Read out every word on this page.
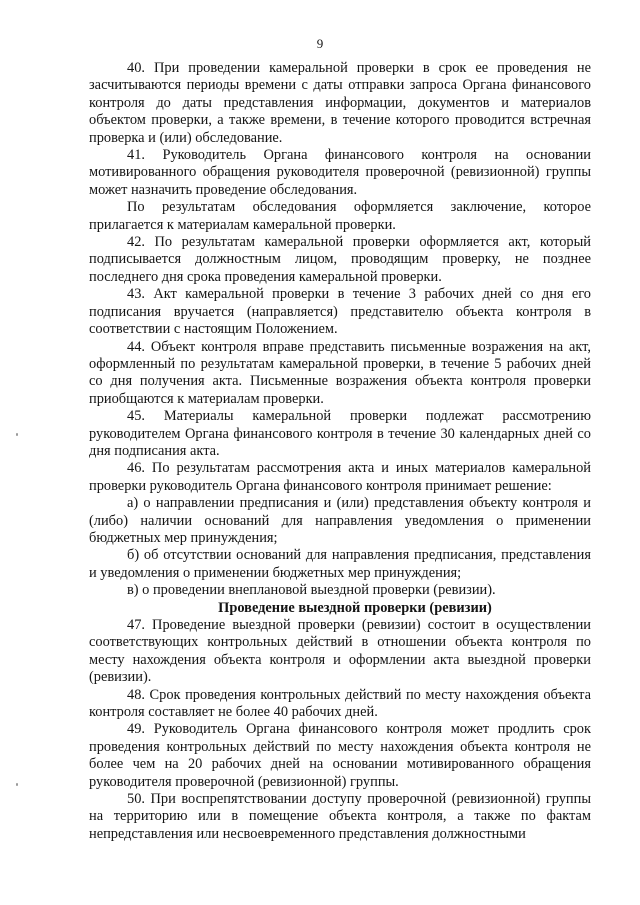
9

40. При проведении камеральной проверки в срок ее проведения не засчитываются периоды времени с даты отправки запроса Органа финансового контроля до даты представления информации, документов и материалов объектом проверки, а также времени, в течение которого проводится встречная проверка и (или) обследование.

41. Руководитель Органа финансового контроля на основании мотивированного обращения руководителя проверочной (ревизионной) группы может назначить проведение обследования.

По результатам обследования оформляется заключение, которое прилагается к материалам камеральной проверки.

42. По результатам камеральной проверки оформляется акт, который подписывается должностным лицом, проводящим проверку, не позднее последнего дня срока проведения камеральной проверки.

43. Акт камеральной проверки в течение 3 рабочих дней со дня его подписания вручается (направляется) представителю объекта контроля в соответствии с настоящим Положением.

44. Объект контроля вправе представить письменные возражения на акт, оформленный по результатам камеральной проверки, в течение 5 рабочих дней со дня получения акта. Письменные возражения объекта контроля проверки приобщаются к материалам проверки.

45. Материалы камеральной проверки подлежат рассмотрению руководителем Органа финансового контроля в течение 30 календарных дней со дня подписания акта.

46. По результатам рассмотрения акта и иных материалов камеральной проверки руководитель Органа финансового контроля принимает решение:

а) о направлении предписания и (или) представления объекту контроля и (либо) наличии оснований для направления уведомления о применении бюджетных мер принуждения;

б) об отсутствии оснований для направления предписания, представления и уведомления о применении бюджетных мер принуждения;

в) о проведении внеплановой выездной проверки (ревизии).

Проведение выездной проверки (ревизии)

47. Проведение выездной проверки (ревизии) состоит в осуществлении соответствующих контрольных действий в отношении объекта контроля по месту нахождения объекта контроля и оформлении акта выездной проверки (ревизии).

48. Срок проведения контрольных действий по месту нахождения объекта контроля составляет не более 40 рабочих дней.

49. Руководитель Органа финансового контроля может продлить срок проведения контрольных действий по месту нахождения объекта контроля не более чем на 20 рабочих дней на основании мотивированного обращения руководителя проверочной (ревизионной) группы.

50. При воспрепятствовании доступу проверочной (ревизионной) группы на территорию или в помещение объекта контроля, а также по фактам непредставления или несвоевременного представления должностными
